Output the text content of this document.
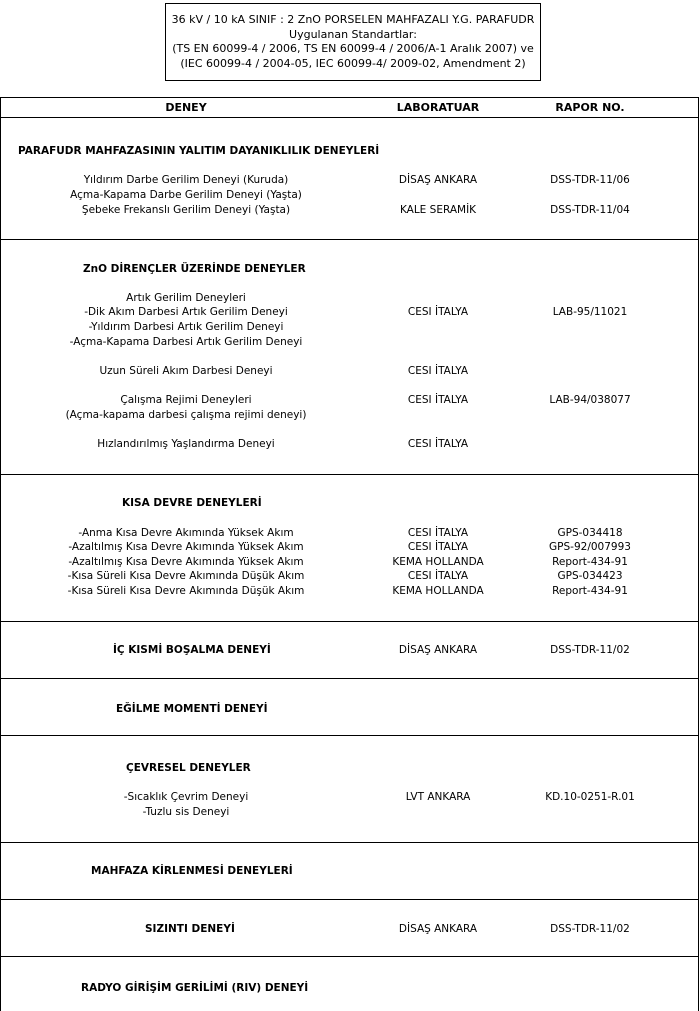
36 kV / 10 kA SINIF : 2 ZnO PORSELEN MAHFAZALI Y.G. PARAFUDR
Uygulanan Standartlar:
(TS EN 60099-4 / 2006, TS EN 60099-4 / 2006/A-1 Aralık 2007) ve
(IEC 60099-4 / 2004-05, IEC 60099-4/ 2009-02, Amendment 2)
DENEY	LABORATUAR	RAPOR NO.
PARAFUDR MAHFAZASININ YALITIM DAYANIKLILIK DENEYLERİ
Yıldırım Darbe Gerilim Deneyi (Kuruda)	DİSAŞ ANKARA	DSS-TDR-11/06
Açma-Kapama Darbe Gerilim Deneyi (Yaşta)
Şebeke Frekanslı Gerilim Deneyi (Yaşta)	KALE SERAMİK	DSS-TDR-11/04
ZnO DİRENÇLER ÜZERİNDE DENEYLER
Artık Gerilim Deneyleri
-Dik Akım Darbesi Artık Gerilim Deneyi	CESI İTALYA	LAB-95/11021
-Yıldırım Darbesi Artık Gerilim Deneyi
-Açma-Kapama Darbesi Artık Gerilim Deneyi
Uzun Süreli Akım Darbesi Deneyi	CESI İTALYA
Çalışma Rejimi Deneyleri	CESI İTALYA	LAB-94/038077
(Açma-kapama darbesi çalışma rejimi deneyi)
Hızlandırılmış Yaşlandırma Deneyi	CESI İTALYA
KISA DEVRE DENEYLERİ
-Anma Kısa Devre Akımında Yüksek Akım	CESI İTALYA	GPS-034418
-Azaltılmış Kısa Devre Akımında Yüksek Akım	CESI İTALYA	GPS-92/007993
-Azaltılmış Kısa Devre Akımında Yüksek Akım	KEMA HOLLANDA	Report-434-91
-Kısa Süreli Kısa Devre Akımında Düşük Akım	CESI İTALYA	GPS-034423
-Kısa Süreli Kısa Devre Akımında Düşük Akım	KEMA HOLLANDA	Report-434-91
İÇ KISMİ BOŞALMA DENEYİ	DİSAŞ ANKARA	DSS-TDR-11/02
EĞİLME MOMENTİ DENEYİ
ÇEVRESEL DENEYLER
-Sıcaklık Çevrim Deneyi	LVT ANKARA	KD.10-0251-R.01
-Tuzlu sis Deneyi
MAHFAZA KİRLENMESİ DENEYLERİ
SIZINTI DENEYİ	DİSAŞ ANKARA	DSS-TDR-11/02
RADYO GİRİŞİM GERİLİMİ (RIV) DENEYİ
